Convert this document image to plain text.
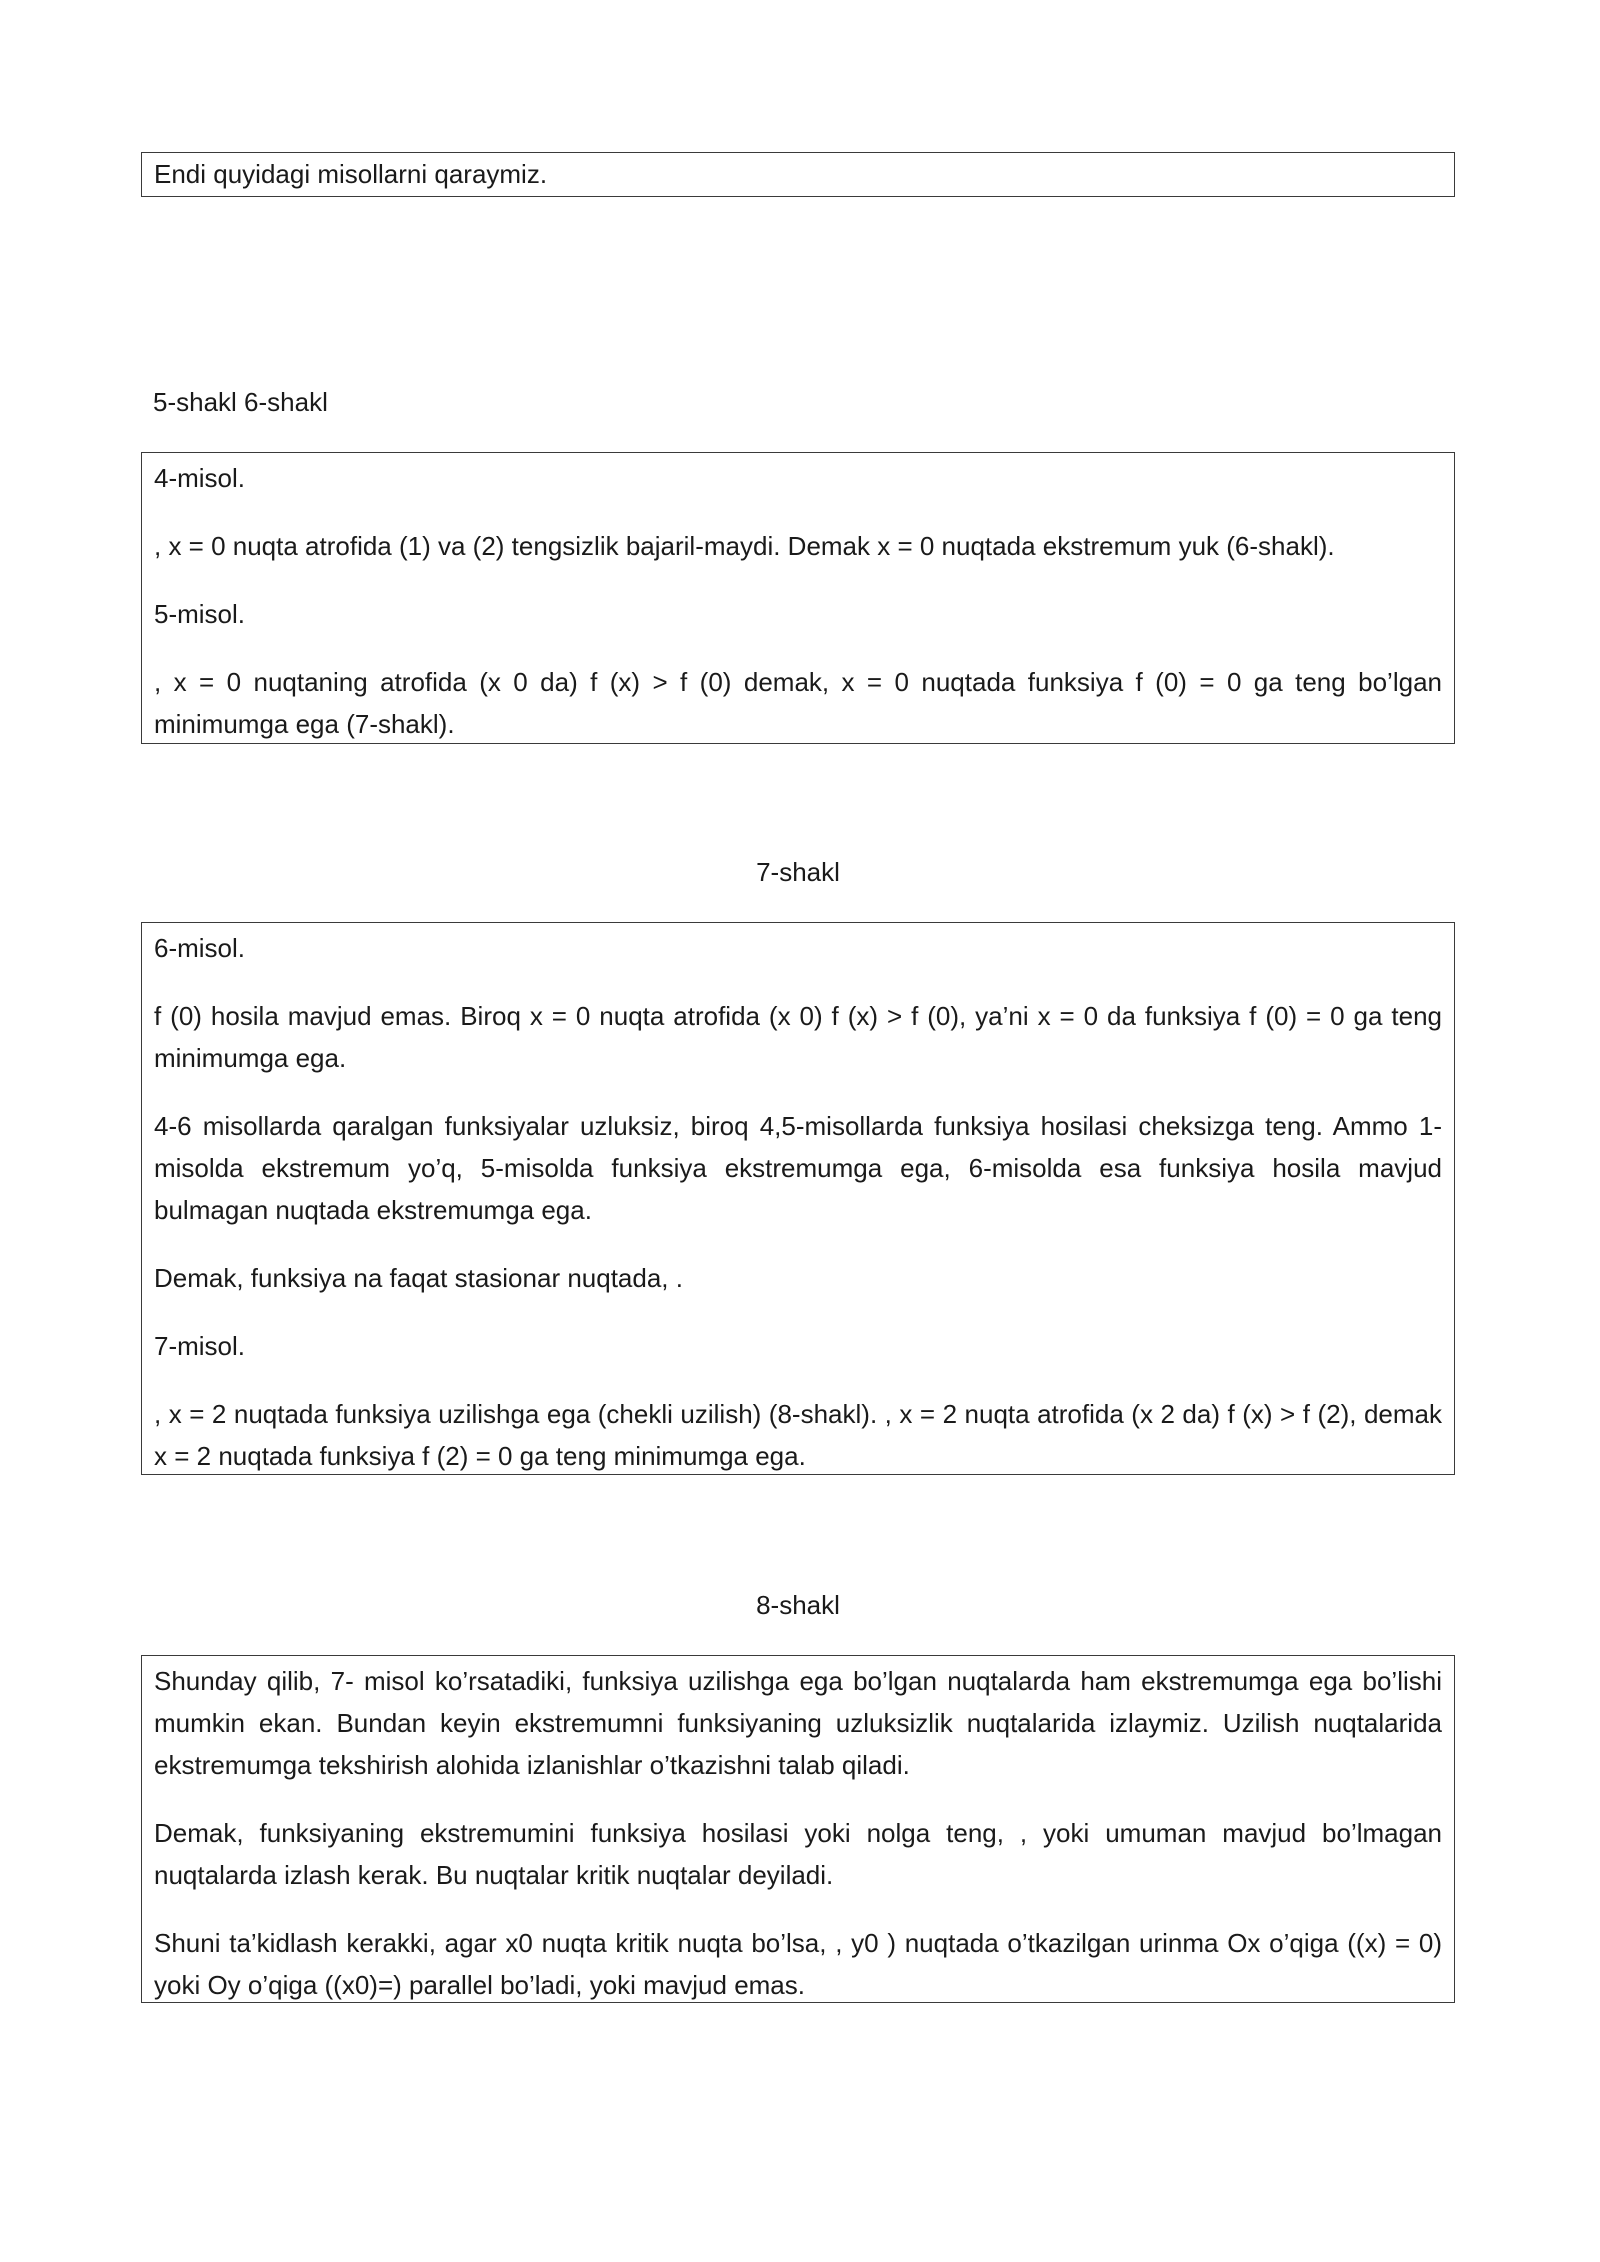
Endi quyidagi misollarni qaraymiz.

5-shakl 6-shakl

4-misol.

, x = 0 nuqta atrofida (1) va (2) tengsizlik bajaril-maydi. Demak x = 0 nuqtada ekstremum yuk (6-shakl).

5-misol.

, x = 0 nuqtaning atrofida (x 0 da) f (x) > f (0) demak, x = 0 nuqtada funksiya f (0) = 0 ga teng bo’lgan minimumga ega (7-shakl).

7-shakl

6-misol.

f (0) hosila mavjud emas. Biroq x = 0 nuqta atrofida (x 0) f (x) > f (0), ya’ni x = 0 da funksiya f (0) = 0 ga teng minimumga ega.

4-6 misollarda qaralgan funksiyalar uzluksiz, biroq 4,5-misollarda funksiya hosilasi cheksizga teng. Ammo 1-misolda ekstremum yo’q, 5-misolda funksiya ekstremumga ega, 6-misolda esa funksiya hosila mavjud bulmagan nuqtada ekstremumga ega.

Demak, funksiya na faqat stasionar nuqtada, .

7-misol.

, x = 2 nuqtada funksiya uzilishga ega (chekli uzilish) (8-shakl). , x = 2 nuqta atrofida (x 2 da) f (x) > f (2), demak x = 2 nuqtada funksiya f (2) = 0 ga teng minimumga ega.

8-shakl

Shunday qilib, 7- misol ko’rsatadiki, funksiya uzilishga ega bo’lgan nuqtalarda ham ekstremumga ega bo’lishi mumkin ekan. Bundan keyin ekstremumni funksiyaning uzluksizlik nuqtalarida izlaymiz. Uzilish nuqtalarida ekstremumga tekshirish alohida izlanishlar o’tkazishni talab qiladi.

Demak, funksiyaning ekstremumini funksiya hosilasi yoki nolga teng, , yoki umuman mavjud bo’lmagan nuqtalarda izlash kerak. Bu nuqtalar kritik nuqtalar deyiladi.

Shuni ta’kidlash kerakki, agar x0 nuqta kritik nuqta bo’lsa, , y0 ) nuqtada o’tkazilgan urinma Ox o’qiga ((x) = 0) yoki Oy o’qiga ((x0)=) parallel bo’ladi, yoki mavjud emas.
